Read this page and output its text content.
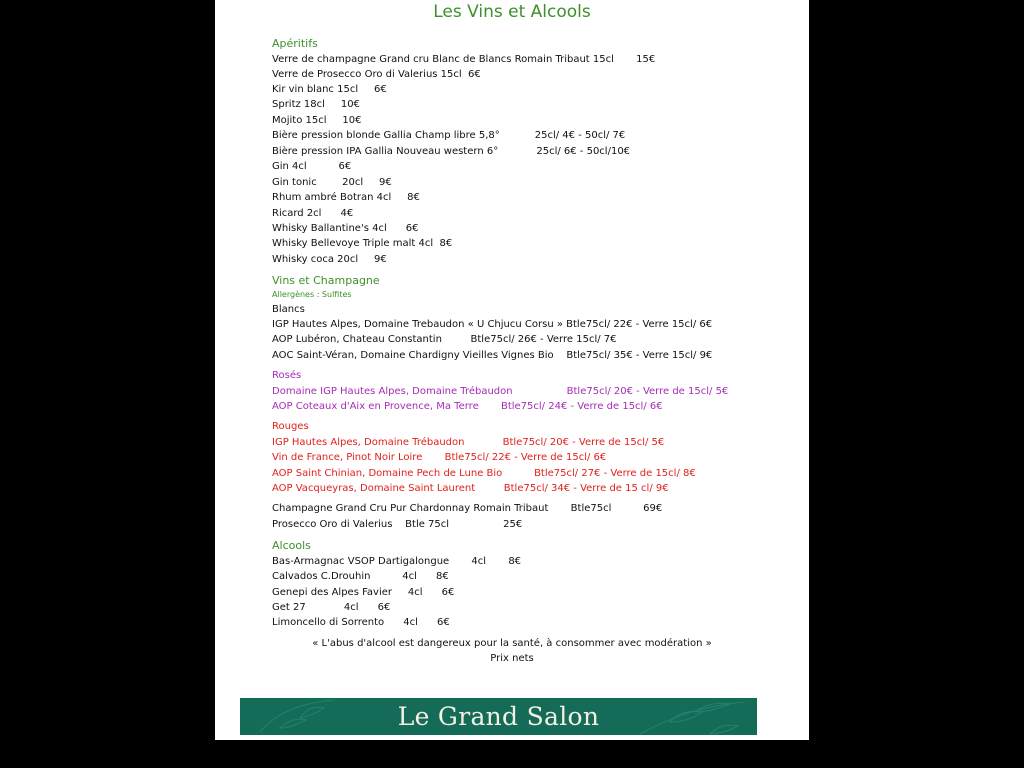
Les Vins et Alcools
Apéritifs
Verre de champagne Grand cru Blanc de Blancs Romain Tribaut 15cl       15€
Verre de Prosecco Oro di Valerius 15cl  6€
Kir vin blanc 15cl     6€
Spritz 18cl     10€
Mojito 15cl     10€
Bière pression blonde Gallia Champ libre 5,8°           25cl/ 4€ - 50cl/ 7€
Bière pression IPA Gallia Nouveau western 6°            25cl/ 6€ - 50cl/10€
Gin 4cl          6€
Gin tonic        20cl     9€
Rhum ambré Botran 4cl     8€
Ricard 2cl      4€
Whisky Ballantine's 4cl      6€
Whisky Bellevoye Triple malt 4cl  8€
Whisky coca 20cl     9€
Vins et Champagne
Allergènes : Sulfites
Blancs
IGP Hautes Alpes, Domaine Trebaudon « U Chjucu Corsu » Btle75cl/ 22€ - Verre 15cl/ 6€
AOP Lubéron, Chateau Constantin         Btle75cl/ 26€ - Verre 15cl/ 7€
AOC Saint-Véran, Domaine Chardigny Vieilles Vignes Bio    Btle75cl/ 35€ - Verre 15cl/ 9€
Rosés
Domaine IGP Hautes Alpes, Domaine Trébaudon                 Btle75cl/ 20€ - Verre de 15cl/ 5€
AOP Coteaux d'Aix en Provence, Ma Terre       Btle75cl/ 24€ - Verre de 15cl/ 6€
Rouges
IGP Hautes Alpes, Domaine Trébaudon            Btle75cl/ 20€ - Verre de 15cl/ 5€
Vin de France, Pinot Noir Loire       Btle75cl/ 22€ - Verre de 15cl/ 6€
AOP Saint Chinian, Domaine Pech de Lune Bio          Btle75cl/ 27€ - Verre de 15cl/ 8€
AOP Vacqueyras, Domaine Saint Laurent         Btle75cl/ 34€ - Verre de 15 cl/ 9€
Champagne Grand Cru Pur Chardonnay Romain Tribaut       Btle75cl          69€
Prosecco Oro di Valerius    Btle 75cl                 25€
Alcools
Bas-Armagnac VSOP Dartigalongue       4cl       8€
Calvados C.Drouhin          4cl      8€
Genepi des Alpes Favier     4cl      6€
Get 27            4cl      6€
Limoncello di Sorrento      4cl      6€
« L'abus d'alcool est dangereux pour la santé, à consommer avec modération »
Prix nets
Le Grand Salon
